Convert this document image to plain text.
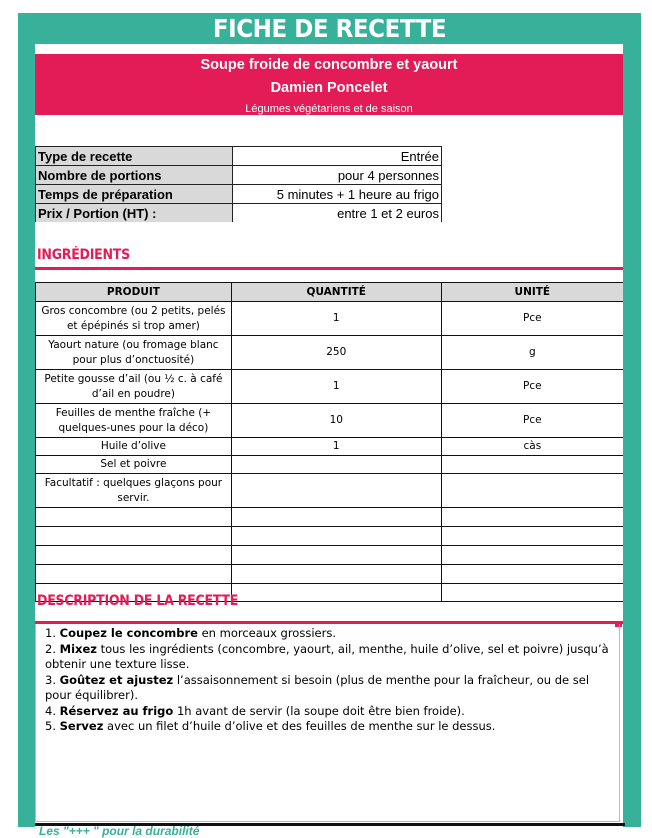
FICHE DE RECETTE
Soupe froide de concombre et yaourt
Damien Poncelet
Légumes végétariens et de saison
Type de recette	Entrée
Nombre de portions	pour 4 personnes
Temps de préparation	5 minutes + 1 heure au frigo
Prix / Portion (HT) :	entre 1 et 2 euros
INGRÉDIENTS
PRODUIT	QUANTITÉ	UNITÉ
Gros concombre (ou 2 petits, pelés et épépinés si trop amer)	1	Pce
Yaourt nature (ou fromage blanc pour plus d’onctuosité)	250	g
Petite gousse d’ail (ou ½ c. à café d’ail en poudre)	1	Pce
Feuilles de menthe fraîche (+ quelques-unes pour la déco)	10	Pce
Huile d’olive	1	càs
Sel et poivre		
Facultatif : quelques glaçons pour servir.		

DESCRIPTION DE LA RECETTE

1. Coupez le concombre en morceaux grossiers.

2. Mixez tous les ingrédients (concombre, yaourt, ail, menthe, huile d’olive, sel et poivre) jusqu’à obtenir une texture lisse.

3. Goûtez et ajustez l’assaisonnement si besoin (plus de menthe pour la fraîcheur, ou de sel pour équilibrer).

4. Réservez au frigo 1h avant de servir (la soupe doit être bien froide).

5. Servez avec un filet d’huile d’olive et des feuilles de menthe sur le dessus.

Les "+++ " pour la durabilité
